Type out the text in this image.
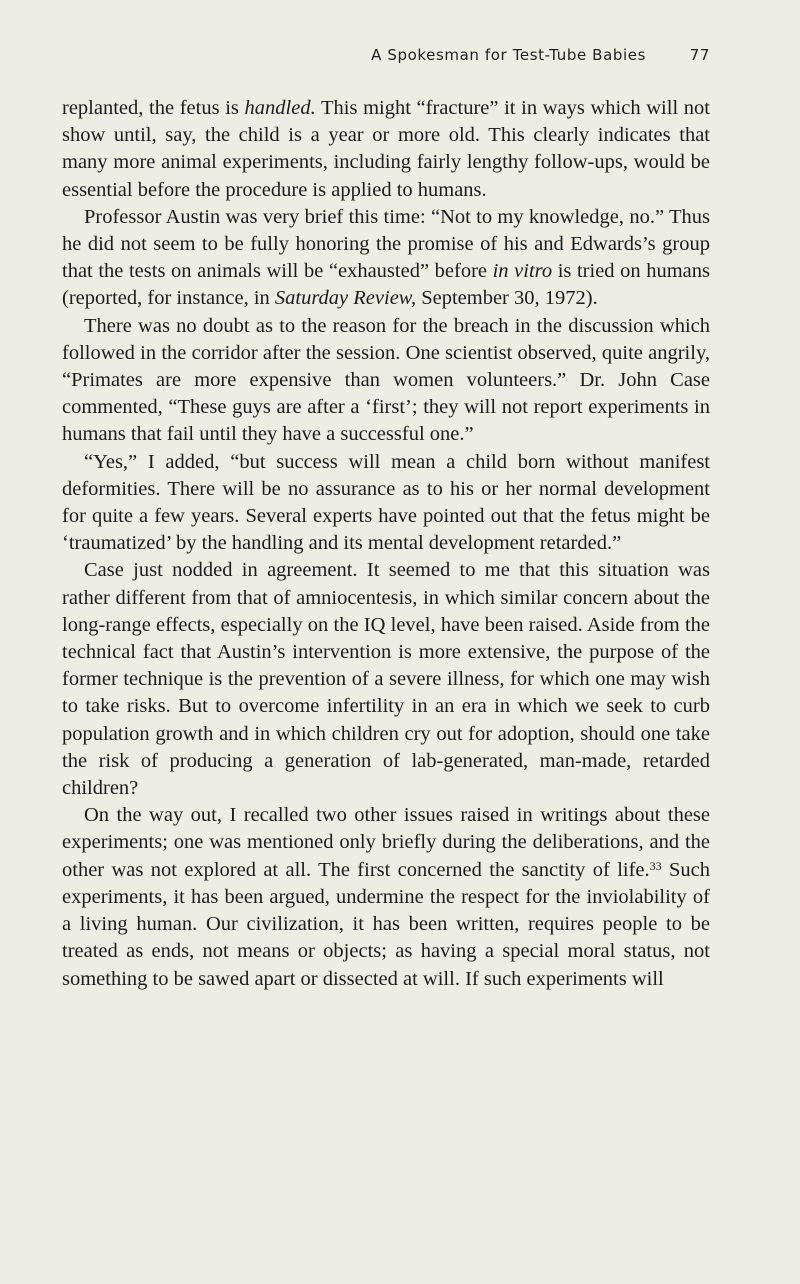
A Spokesman for Test-Tube Babies	77

replanted, the fetus is handled. This might “fracture” it in ways which will not show until, say, the child is a year or more old. This clearly indicates that many more animal experiments, including fairly lengthy follow-ups, would be essential before the procedure is applied to humans.

Professor Austin was very brief this time: “Not to my knowledge, no.” Thus he did not seem to be fully honoring the promise of his and Edwards’s group that the tests on animals will be “exhausted” before in vitro is tried on humans (reported, for instance, in Saturday Review, September 30, 1972).

There was no doubt as to the reason for the breach in the discussion which followed in the corridor after the session. One scientist observed, quite angrily, “Primates are more expensive than women volunteers.” Dr. John Case commented, “These guys are after a ‘first’; they will not report experiments in humans that fail until they have a successful one.”

“Yes,” I added, “but success will mean a child born without manifest deformities. There will be no assurance as to his or her normal development for quite a few years. Several experts have pointed out that the fetus might be ‘traumatized’ by the handling and its mental development retarded.”

Case just nodded in agreement. It seemed to me that this situation was rather different from that of amniocentesis, in which similar concern about the long-range effects, especially on the IQ level, have been raised. Aside from the technical fact that Austin’s intervention is more extensive, the purpose of the former technique is the prevention of a severe illness, for which one may wish to take risks. But to overcome infertility in an era in which we seek to curb population growth and in which children cry out for adoption, should one take the risk of producing a generation of lab-generated, man-made, retarded children?

On the way out, I recalled two other issues raised in writings about these experiments; one was mentioned only briefly during the deliberations, and the other was not explored at all. The first concerned the sanctity of life.$^{33}$ Such experiments, it has been argued, undermine the respect for the inviolability of a living human. Our civilization, it has been written, requires people to be treated as ends, not means or objects; as having a special moral status, not something to be sawed apart or dissected at will. If such experiments will
